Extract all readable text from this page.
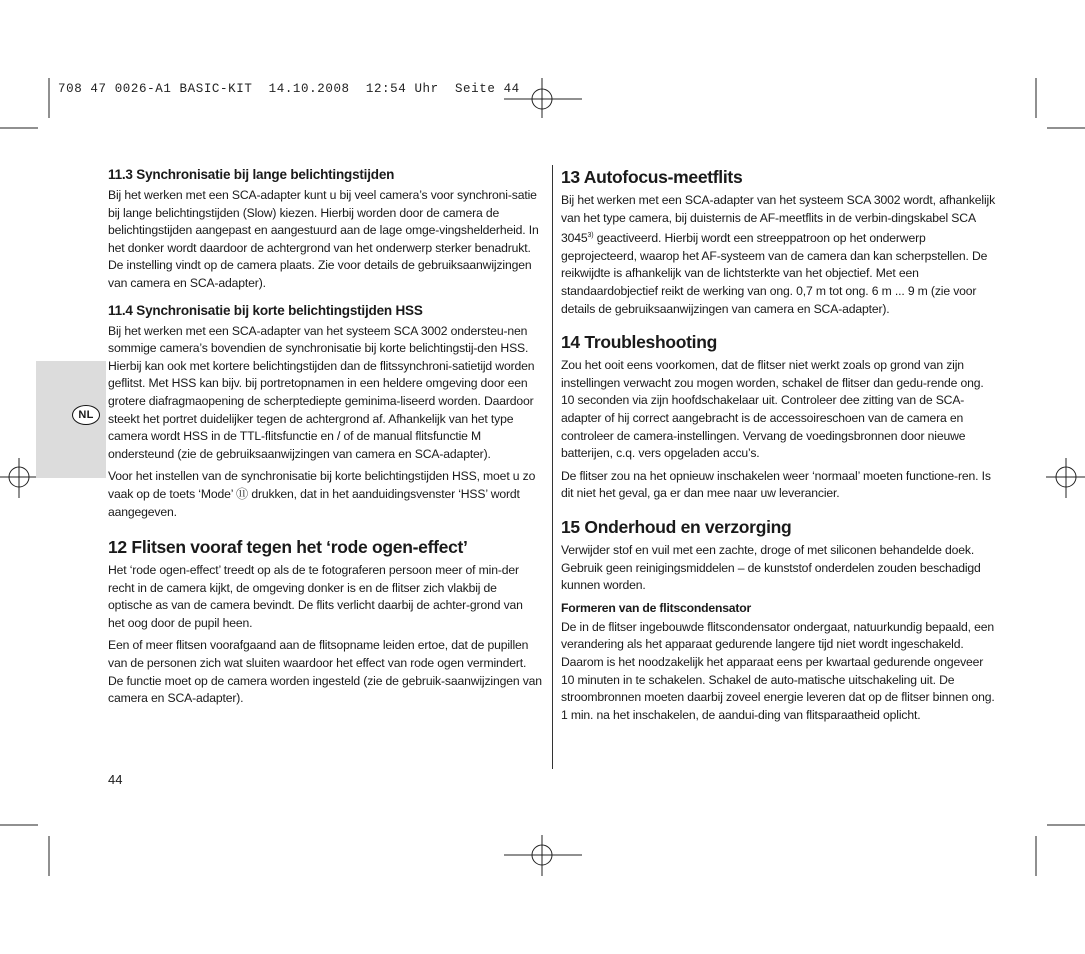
708 47 0026-A1 BASIC-KIT  14.10.2008  12:54 Uhr  Seite 44
NL
11.3 Synchronisatie bij lange belichtingstijden

Bij het werken met een SCA-adapter kunt u bij veel camera’s voor synchroni-satie bij lange belichtingstijden (Slow) kiezen. Hierbij worden door de camera de belichtingstijden aangepast en aangestuurd aan de lage omge-vingshelderheid. In het donker wordt daardoor de achtergrond van het onderwerp sterker benadrukt. De instelling vindt op de camera plaats. Zie voor details de gebruiksaanwijzingen van camera en SCA-adapter).

11.4 Synchronisatie bij korte belichtingstijden HSS

Bij het werken met een SCA-adapter van het systeem SCA 3002 ondersteu-nen sommige camera’s bovendien de synchronisatie bij korte belichtingstij-den HSS. Hierbij kan ook met kortere belichtingstijden dan de flitssynchroni-satietijd worden geflitst. Met HSS kan bijv. bij portretopnamen in een heldere omgeving door een grotere diafragmaopening de scherptediepte geminima-liseerd worden. Daardoor steekt het portret duidelijker tegen de achtergrond af. Afhankelijk van het type camera wordt HSS in de TTL-flitsfunctie en / of de manual flitsfunctie M ondersteund (zie de gebruiksaanwijzingen van camera en SCA-adapter).

Voor het instellen van de synchronisatie bij korte belichtingstijden HSS, moet u zo vaak op de toets ‘Mode’ ⑪ drukken, dat in het aanduidingsvenster ‘HSS’ wordt aangegeven.

12 Flitsen vooraf tegen het ‘rode ogen-effect’

Het ‘rode ogen-effect’ treedt op als de te fotograferen persoon meer of min-der recht in de camera kijkt, de omgeving donker is en de flitser zich vlakbij de optische as van de camera bevindt. De flits verlicht daarbij de achter-grond van het oog door de pupil heen.

Een of meer flitsen voorafgaand aan de flitsopname leiden ertoe, dat de pupillen van de personen zich wat sluiten waardoor het effect van rode ogen vermindert. De functie moet op de camera worden ingesteld (zie de gebruik-saanwijzingen van camera en SCA-adapter).

13 Autofocus-meetflits

Bij het werken met een SCA-adapter van het systeem SCA 3002 wordt, afhankelijk van het type camera, bij duisternis de AF-meetflits in de verbin-dingskabel SCA 3045$^{3)}$ geactiveerd. Hierbij wordt een streeppatroon op het onderwerp geprojecteerd, waarop het AF-systeem van de camera dan kan scherpstellen. De reikwijdte is afhankelijk van de lichtsterkte van het objectief. Met een standaardobjectief reikt de werking van ong. 0,7 m tot ong. 6 m ... 9 m (zie voor details de gebruiksaanwijzingen van camera en SCA-adapter).

14 Troubleshooting

Zou het ooit eens voorkomen, dat de flitser niet werkt zoals op grond van zijn instellingen verwacht zou mogen worden, schakel de flitser dan gedu-rende ong. 10 seconden via zijn hoofdschakelaar uit. Controleer dee zitting van de SCA-adapter of hij correct aangebracht is de accessoireschoen van de camera en controleer de camera-instellingen. Vervang de voedingsbronnen door nieuwe batterijen, c.q. vers opgeladen accu’s.

De flitser zou na het opnieuw inschakelen weer ‘normaal’ moeten functione-ren. Is dit niet het geval, ga er dan mee naar uw leverancier.

15 Onderhoud en verzorging

Verwijder stof en vuil met een zachte, droge of met siliconen behandelde doek. Gebruik geen reinigingsmiddelen – de kunststof onderdelen zouden beschadigd kunnen worden.

Formeren van de flitscondensator

De in de flitser ingebouwde flitscondensator ondergaat, natuurkundig bepaald, een verandering als het apparaat gedurende langere tijd niet wordt ingeschakeld. Daarom is het noodzakelijk het apparaat eens per kwartaal gedurende ongeveer 10 minuten in te schakelen. Schakel de auto-matische uitschakeling uit. De stroombronnen moeten daarbij zoveel energie leveren dat op de flitser binnen ong. 1 min. na het inschakelen, de aandui-ding van flitsparaatheid oplicht.

44
